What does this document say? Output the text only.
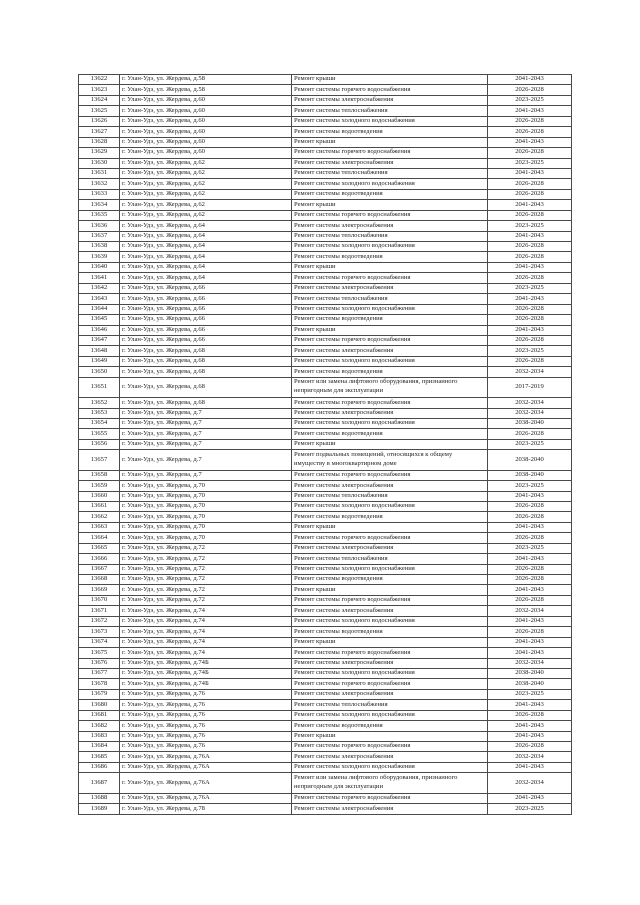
13622	г. Улан-Удэ, ул. Жердева, д.58	Ремонт крыши	2041-2043
13623	г. Улан-Удэ, ул. Жердева, д.58	Ремонт системы горячего водоснабжения	2026-2028
13624	г. Улан-Удэ, ул. Жердева, д.60	Ремонт системы электроснабжения	2023-2025
13625	г. Улан-Удэ, ул. Жердева, д.60	Ремонт системы теплоснабжения	2041-2043
13626	г. Улан-Удэ, ул. Жердева, д.60	Ремонт системы холодного водоснабжения	2026-2028
13627	г. Улан-Удэ, ул. Жердева, д.60	Ремонт системы водоотведения	2026-2028
13628	г. Улан-Удэ, ул. Жердева, д.60	Ремонт крыши	2041-2043
13629	г. Улан-Удэ, ул. Жердева, д.60	Ремонт системы горячего водоснабжения	2026-2028
13630	г. Улан-Удэ, ул. Жердева, д.62	Ремонт системы электроснабжения	2023-2025
13631	г. Улан-Удэ, ул. Жердева, д.62	Ремонт системы теплоснабжения	2041-2043
13632	г. Улан-Удэ, ул. Жердева, д.62	Ремонт системы холодного водоснабжения	2026-2028
13633	г. Улан-Удэ, ул. Жердева, д.62	Ремонт системы водоотведения	2026-2028
13634	г. Улан-Удэ, ул. Жердева, д.62	Ремонт крыши	2041-2043
13635	г. Улан-Удэ, ул. Жердева, д.62	Ремонт системы горячего водоснабжения	2026-2028
13636	г. Улан-Удэ, ул. Жердева, д.64	Ремонт системы электроснабжения	2023-2025
13637	г. Улан-Удэ, ул. Жердева, д.64	Ремонт системы теплоснабжения	2041-2043
13638	г. Улан-Удэ, ул. Жердева, д.64	Ремонт системы холодного водоснабжения	2026-2028
13639	г. Улан-Удэ, ул. Жердева, д.64	Ремонт системы водоотведения	2026-2028
13640	г. Улан-Удэ, ул. Жердева, д.64	Ремонт крыши	2041-2043
13641	г. Улан-Удэ, ул. Жердева, д.64	Ремонт системы горячего водоснабжения	2026-2028
13642	г. Улан-Удэ, ул. Жердева, д.66	Ремонт системы электроснабжения	2023-2025
13643	г. Улан-Удэ, ул. Жердева, д.66	Ремонт системы теплоснабжения	2041-2043
13644	г. Улан-Удэ, ул. Жердева, д.66	Ремонт системы холодного водоснабжения	2026-2028
13645	г. Улан-Удэ, ул. Жердева, д.66	Ремонт системы водоотведения	2026-2028
13646	г. Улан-Удэ, ул. Жердева, д.66	Ремонт крыши	2041-2043
13647	г. Улан-Удэ, ул. Жердева, д.66	Ремонт системы горячего водоснабжения	2026-2028
13648	г. Улан-Удэ, ул. Жердева, д.68	Ремонт системы электроснабжения	2023-2025
13649	г. Улан-Удэ, ул. Жердева, д.68	Ремонт системы холодного водоснабжения	2026-2028
13650	г. Улан-Удэ, ул. Жердева, д.68	Ремонт системы водоотведения	2032-2034
13651	г. Улан-Удэ, ул. Жердева, д.68	Ремонт или замена лифтового оборудования, признанного непригодным для эксплуатации	2017-2019
13652	г. Улан-Удэ, ул. Жердева, д.68	Ремонт системы горячего водоснабжения	2032-2034
13653	г. Улан-Удэ, ул. Жердева, д.7	Ремонт системы электроснабжения	2032-2034
13654	г. Улан-Удэ, ул. Жердева, д.7	Ремонт системы холодного водоснабжения	2038-2040
13655	г. Улан-Удэ, ул. Жердева, д.7	Ремонт системы водоотведения	2026-2028
13656	г. Улан-Удэ, ул. Жердева, д.7	Ремонт крыши	2023-2025
13657	г. Улан-Удэ, ул. Жердева, д.7	Ремонт подвальных помещений, относящихся к общему имуществу в многоквартирном доме	2038-2040
13658	г. Улан-Удэ, ул. Жердева, д.7	Ремонт системы горячего водоснабжения	2038-2040
13659	г. Улан-Удэ, ул. Жердева, д.70	Ремонт системы электроснабжения	2023-2025
13660	г. Улан-Удэ, ул. Жердева, д.70	Ремонт системы теплоснабжения	2041-2043
13661	г. Улан-Удэ, ул. Жердева, д.70	Ремонт системы холодного водоснабжения	2026-2028
13662	г. Улан-Удэ, ул. Жердева, д.70	Ремонт системы водоотведения	2026-2028
13663	г. Улан-Удэ, ул. Жердева, д.70	Ремонт крыши	2041-2043
13664	г. Улан-Удэ, ул. Жердева, д.70	Ремонт системы горячего водоснабжения	2026-2028
13665	г. Улан-Удэ, ул. Жердева, д.72	Ремонт системы электроснабжения	2023-2025
13666	г. Улан-Удэ, ул. Жердева, д.72	Ремонт системы теплоснабжения	2041-2043
13667	г. Улан-Удэ, ул. Жердева, д.72	Ремонт системы холодного водоснабжения	2026-2028
13668	г. Улан-Удэ, ул. Жердева, д.72	Ремонт системы водоотведения	2026-2028
13669	г. Улан-Удэ, ул. Жердева, д.72	Ремонт крыши	2041-2043
13670	г. Улан-Удэ, ул. Жердева, д.72	Ремонт системы горячего водоснабжения	2026-2028
13671	г. Улан-Удэ, ул. Жердева, д.74	Ремонт системы электроснабжения	2032-2034
13672	г. Улан-Удэ, ул. Жердева, д.74	Ремонт системы холодного водоснабжения	2041-2043
13673	г. Улан-Удэ, ул. Жердева, д.74	Ремонт системы водоотведения	2026-2028
13674	г. Улан-Удэ, ул. Жердева, д.74	Ремонт крыши	2041-2043
13675	г. Улан-Удэ, ул. Жердева, д.74	Ремонт системы горячего водоснабжения	2041-2043
13676	г. Улан-Удэ, ул. Жердева, д.74Б	Ремонт системы электроснабжения	2032-2034
13677	г. Улан-Удэ, ул. Жердева, д.74Б	Ремонт системы холодного водоснабжения	2038-2040
13678	г. Улан-Удэ, ул. Жердева, д.74Б	Ремонт системы горячего водоснабжения	2038-2040
13679	г. Улан-Удэ, ул. Жердева, д.76	Ремонт системы электроснабжения	2023-2025
13680	г. Улан-Удэ, ул. Жердева, д.76	Ремонт системы теплоснабжения	2041-2043
13681	г. Улан-Удэ, ул. Жердева, д.76	Ремонт системы холодного водоснабжения	2026-2028
13682	г. Улан-Удэ, ул. Жердева, д.76	Ремонт системы водоотведения	2041-2043
13683	г. Улан-Удэ, ул. Жердева, д.76	Ремонт крыши	2041-2043
13684	г. Улан-Удэ, ул. Жердева, д.76	Ремонт системы горячего водоснабжения	2026-2028
13685	г. Улан-Удэ, ул. Жердева, д.76А	Ремонт системы электроснабжения	2032-2034
13686	г. Улан-Удэ, ул. Жердева, д.76А	Ремонт системы холодного водоснабжения	2041-2043
13687	г. Улан-Удэ, ул. Жердева, д.76А	Ремонт или замена лифтового оборудования, признанного непригодным для эксплуатации	2032-2034
13688	г. Улан-Удэ, ул. Жердева, д.76А	Ремонт системы горячего водоснабжения	2041-2043
13689	г. Улан-Удэ, ул. Жердева, д.78	Ремонт системы электроснабжения	2023-2025
